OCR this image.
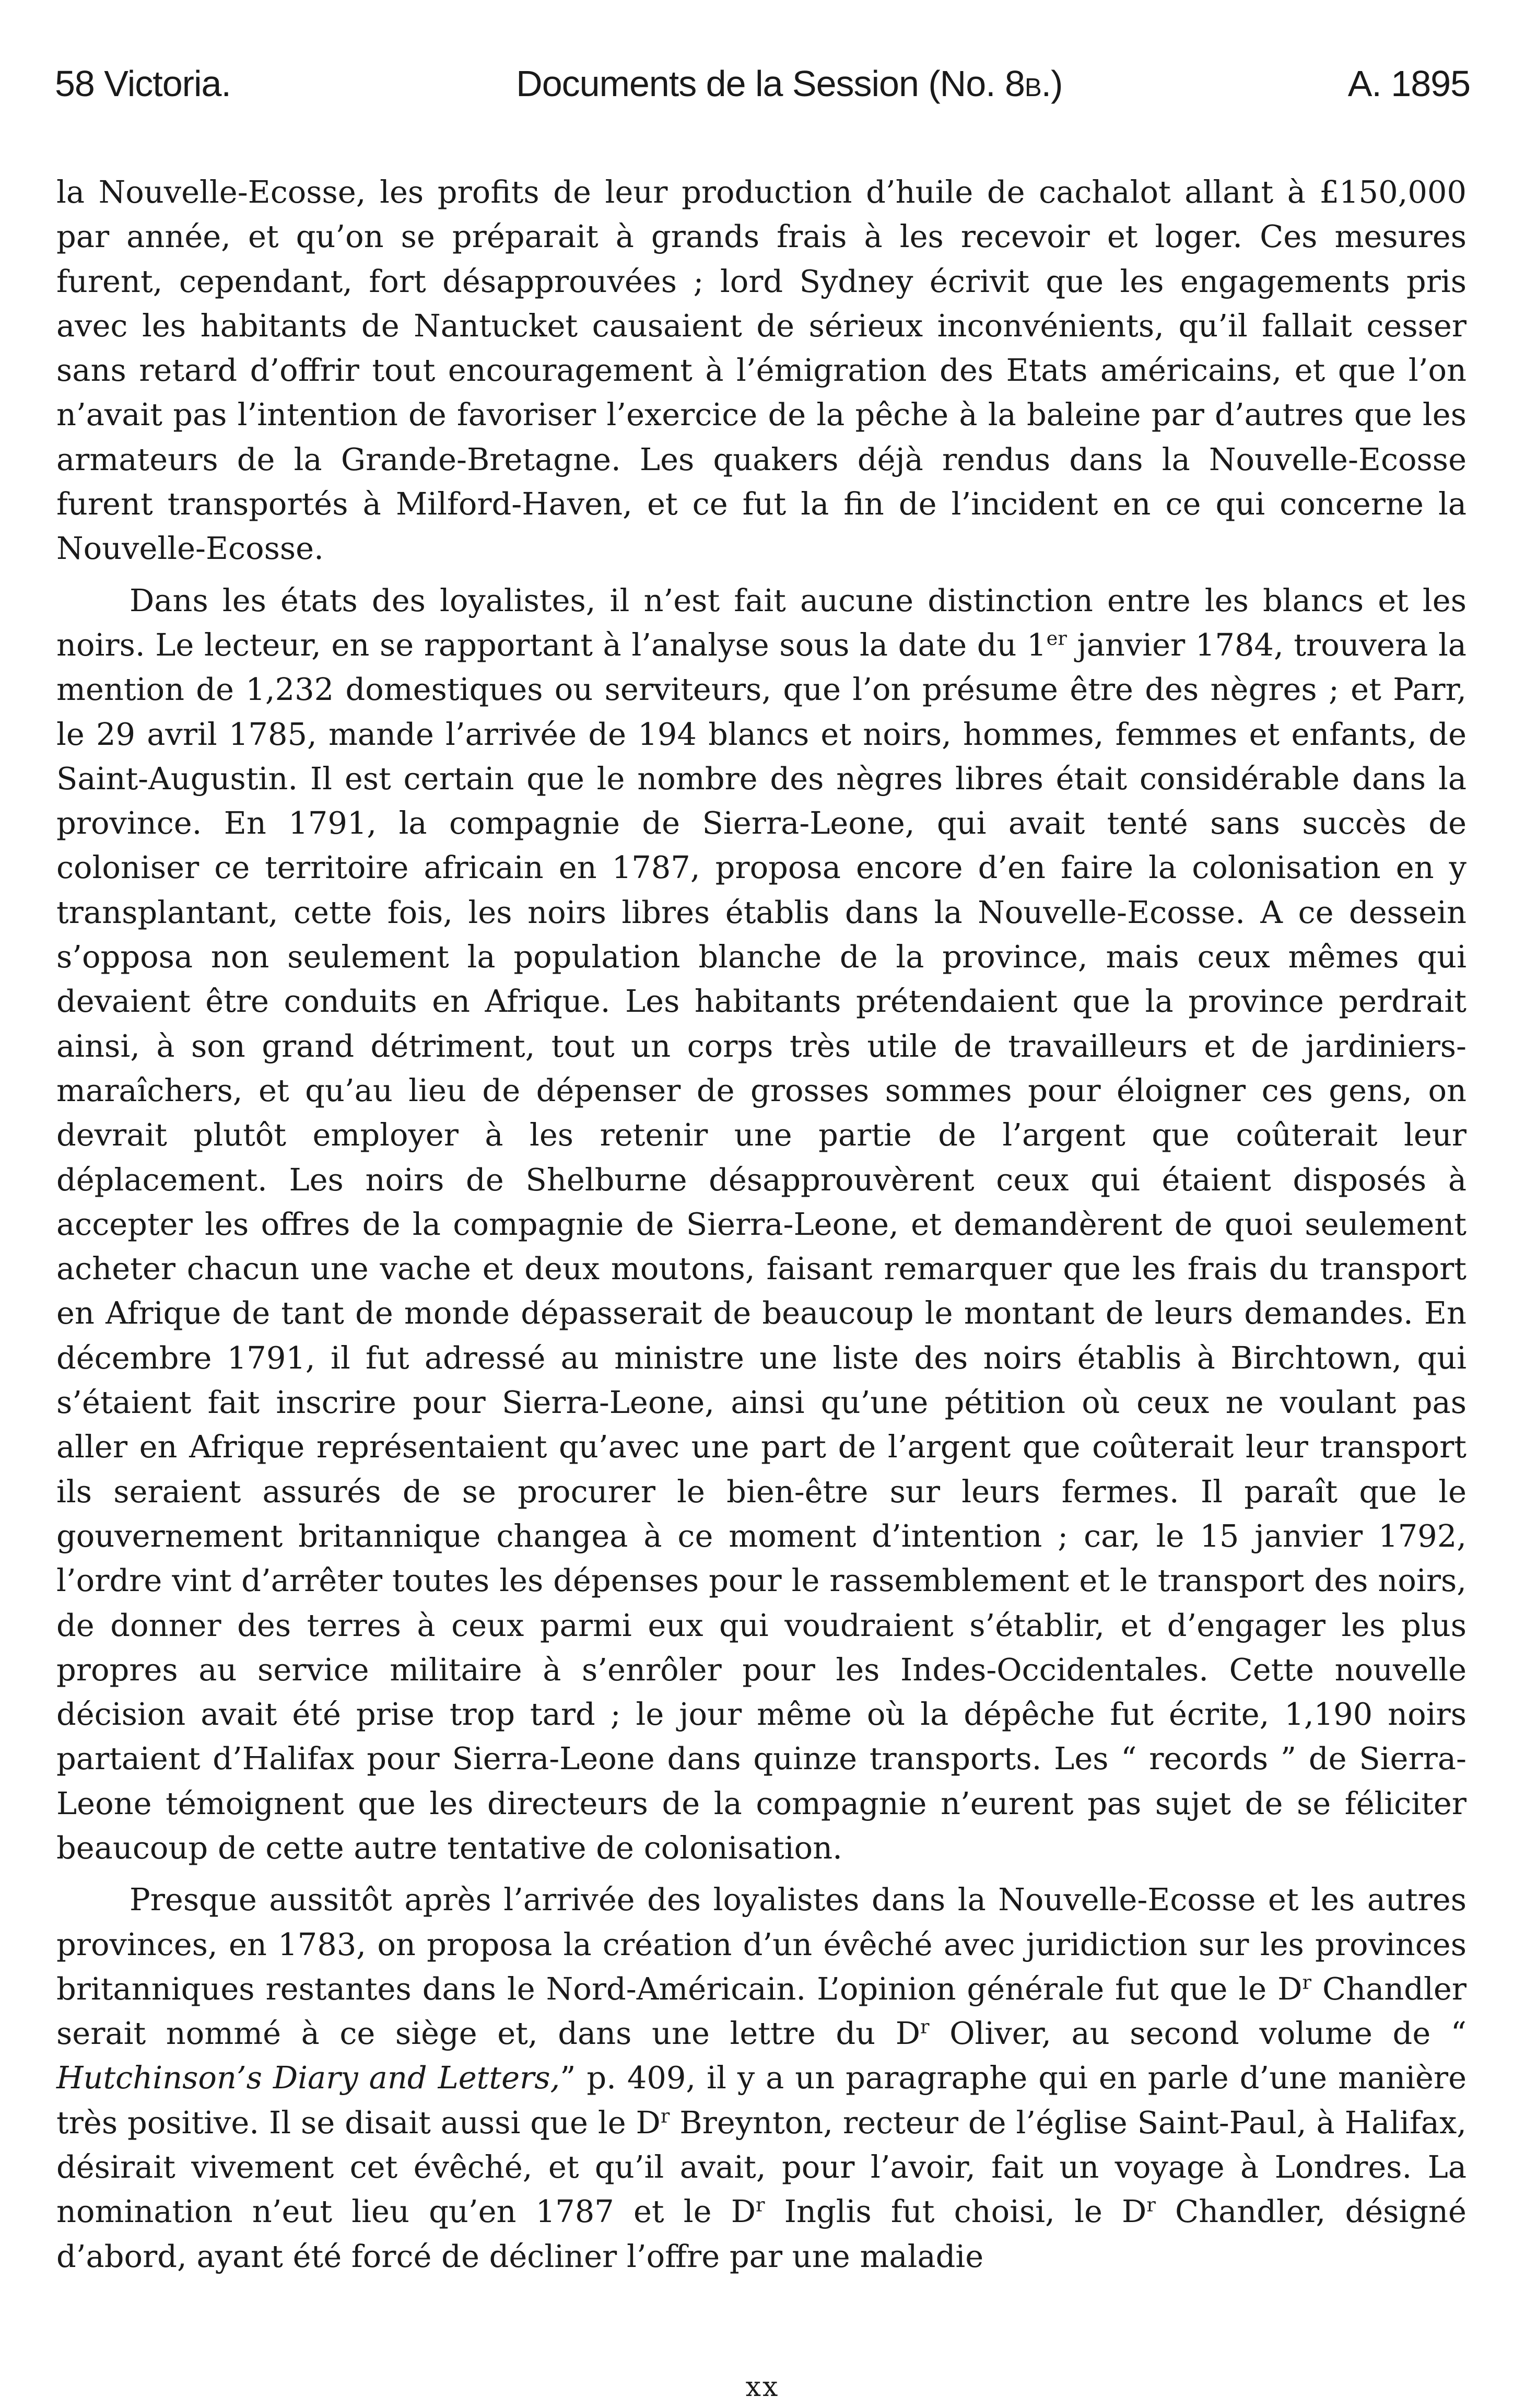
58 Victoria.	Documents de la Session (No. 8b.)	A. 1895

la Nouvelle-Ecosse, les profits de leur production d’huile de cachalot allant à £150,000 par année, et qu’on se préparait à grands frais à les recevoir et loger. Ces mesures furent, cependant, fort désapprouvées ; lord Sydney écrivit que les engagements pris avec les habitants de Nantucket causaient de sérieux inconvénients, qu’il fallait cesser sans retard d’offrir tout encouragement à l’émigration des Etats américains, et que l’on n’avait pas l’intention de favoriser l’exercice de la pêche à la baleine par d’autres que les armateurs de la Grande-Bretagne. Les quakers déjà rendus dans la Nouvelle-Ecosse furent transportés à Milford-Haven, et ce fut la fin de l’incident en ce qui concerne la Nouvelle-Ecosse.

Dans les états des loyalistes, il n’est fait aucune distinction entre les blancs et les noirs. Le lecteur, en se rapportant à l’analyse sous la date du 1er janvier 1784, trouvera la mention de 1,232 domestiques ou serviteurs, que l’on présume être des nègres ; et Parr, le 29 avril 1785, mande l’arrivée de 194 blancs et noirs, hommes, femmes et enfants, de Saint-Augustin. Il est certain que le nombre des nègres libres était considérable dans la province. En 1791, la compagnie de Sierra-Leone, qui avait tenté sans succès de coloniser ce territoire africain en 1787, proposa encore d’en faire la colonisation en y transplantant, cette fois, les noirs libres établis dans la Nouvelle-Ecosse. A ce dessein s’opposa non seulement la population blanche de la province, mais ceux mêmes qui devaient être conduits en Afrique. Les habitants prétendaient que la province perdrait ainsi, à son grand détriment, tout un corps très utile de travailleurs et de jardiniers-maraîchers, et qu’au lieu de dépenser de grosses sommes pour éloigner ces gens, on devrait plutôt employer à les retenir une partie de l’argent que coûterait leur déplacement. Les noirs de Shelburne désapprouvèrent ceux qui étaient disposés à accepter les offres de la compagnie de Sierra-Leone, et demandèrent de quoi seulement acheter chacun une vache et deux moutons, faisant remarquer que les frais du transport en Afrique de tant de monde dépasserait de beaucoup le montant de leurs demandes. En décembre 1791, il fut adressé au ministre une liste des noirs établis à Birchtown, qui s’étaient fait inscrire pour Sierra-Leone, ainsi qu’une pétition où ceux ne voulant pas aller en Afrique représentaient qu’avec une part de l’argent que coûterait leur transport ils seraient assurés de se procurer le bien-être sur leurs fermes. Il paraît que le gouvernement britannique changea à ce moment d’intention ; car, le 15 janvier 1792, l’ordre vint d’arrêter toutes les dépenses pour le rassemblement et le transport des noirs, de donner des terres à ceux parmi eux qui voudraient s’établir, et d’engager les plus propres au service militaire à s’enrôler pour les Indes-Occidentales. Cette nouvelle décision avait été prise trop tard ; le jour même où la dépêche fut écrite, 1,190 noirs partaient d’Halifax pour Sierra-Leone dans quinze transports. Les “ records ” de Sierra-Leone témoignent que les directeurs de la compagnie n’eurent pas sujet de se féliciter beaucoup de cette autre tentative de colonisation.

Presque aussitôt après l’arrivée des loyalistes dans la Nouvelle-Ecosse et les autres provinces, en 1783, on proposa la création d’un évêché avec juridiction sur les provinces britanniques restantes dans le Nord-Américain. L’opinion générale fut que le $D^r$ Chandler serait nommé à ce siège et, dans une lettre du $D^r$ Oliver, au second volume de “ Hutchinson’s Diary and Letters,” p. 409, il y a un paragraphe qui en parle d’une manière très positive. Il se disait aussi que le $D^r$ Breynton, recteur de l’église Saint-Paul, à Halifax, désirait vivement cet évêché, et qu’il avait, pour l’avoir, fait un voyage à Londres. La nomination n’eut lieu qu’en 1787 et le $D^r$ Inglis fut choisi, le $D^r$ Chandler, désigné d’abord, ayant été forcé de décliner l’offre par une maladie

xx
